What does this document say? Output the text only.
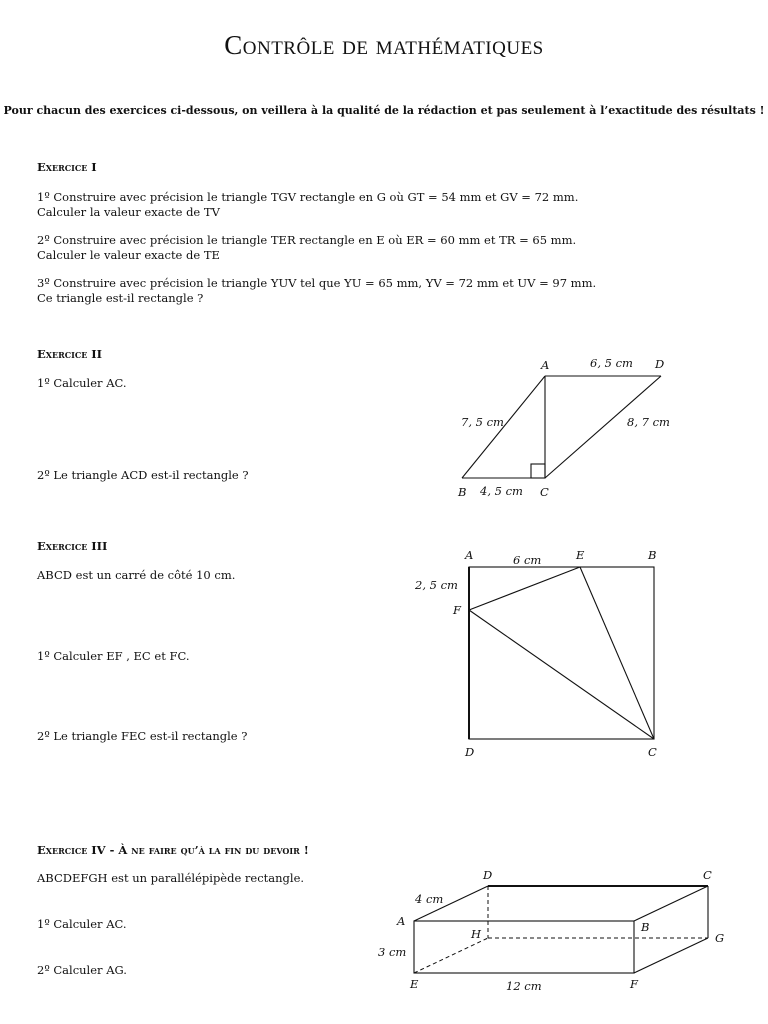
Contrôle de mathématiques
Pour chacun des exercices ci-dessous, on veillera à la qualité de la rédaction et pas seulement à l’exactitude des résultats !
Exercice I
1º Construire avec précision le triangle TGV rectangle en G où GT = 54 mm et GV = 72 mm.
Calculer la valeur exacte de TV
2º Construire avec précision le triangle TER rectangle en E où ER = 60 mm et TR = 65 mm.
Calculer le valeur exacte de TE
3º Construire avec précision le triangle YUV tel que YU = 65 mm, YV = 72 mm et UV = 97 mm.
Ce triangle est-il rectangle ?
Exercice II
1º Calculer AC.
2º Le triangle ACD est-il rectangle ?
A	D
B	C
6, 5 cm
7, 5 cm	8, 7 cm
4, 5 cm
Exercice III
ABCD est un carré de côté 10 cm.
1º Calculer EF , EC et FC.
2º Le triangle FEC est-il rectangle ?
A	E	B
F
D	C
6 cm
2, 5 cm
Exercice IV - À ne faire qu’à la fin du devoir !
ABCDEFGH est un parallélépipède rectangle.
1º Calculer AC.
2º Calculer AG.
D	C
A	B
H	G
E	F
4 cm
3 cm
12 cm
